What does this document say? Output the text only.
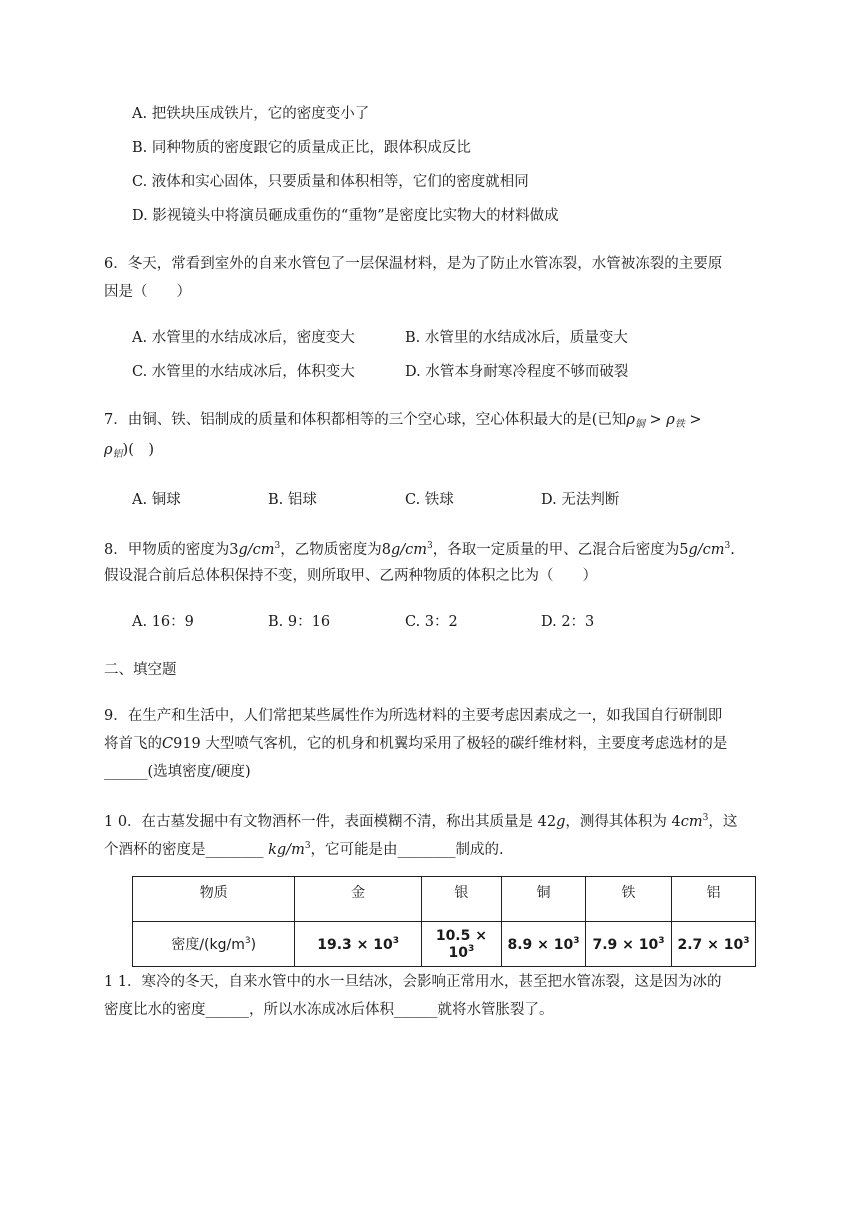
A. 把铁块压成铁片，它的密度变小了
B. 同种物质的密度跟它的质量成正比，跟体积成反比
C. 液体和实心固体，只要质量和体积相等，它们的密度就相同
D. 影视镜头中将演员砸成重伤的“重物”是密度比实物大的材料做成
6．冬天，常看到室外的自来水管包了一层保温材料，是为了防止水管冻裂，水管被冻裂的主要原
因是（　　）
A. 水管里的水结成冰后，密度变大	B. 水管里的水结成冰后，质量变大
C. 水管里的水结成冰后，体积变大	D. 水管本身耐寒冷程度不够而破裂
7．由铜、铁、铝制成的质量和体积都相等的三个空心球，空心体积最大的是(已知$\rho_铜 > \rho_铁$ >
$\rho_铝$)(　)
A. 铜球	B. 铝球	C. 铁球	D. 无法判断
8．甲物质的密度为$3g/cm^3$，乙物质密度为$8g/cm^3$，各取一定质量的甲、乙混合后密度为$5g/cm^3$.
假设混合前后总体积保持不变，则所取甲、乙两种物质的体积之比为（　　）
A. 16：9	B. 9：16	C. 3：2	D. 2：3
二、填空题
9．在生产和生活中，人们常把某些属性作为所选材料的主要考虑因素成之一，如我国自行研制即
将首飞的C919 大型喷气客机，它的机身和机翼均采用了极轻的碳纤维材料，主要度考虑选材的是
______(选填密度/硬度)
1 0．在古墓发掘中有文物酒杯一件，表面模糊不清，称出其质量是 42g，测得其体积为 $4cm^3$，这
个酒杯的密度是________ $kg/m^3$，它可能是由________制成的.
物质	金	银	铜	铁	铝
密度$/(kg/m^3)$	$19.3 \times 10^3$	$10.5 \times 10^3$	$8.9 \times 10^3$	$7.9 \times 10^3$	$2.7 \times 10^3$
1 1．寒冷的冬天，自来水管中的水一旦结冰，会影响正常用水，甚至把水管冻裂，这是因为冰的
密度比水的密度______，所以水冻成冰后体积______就将水管胀裂了。
